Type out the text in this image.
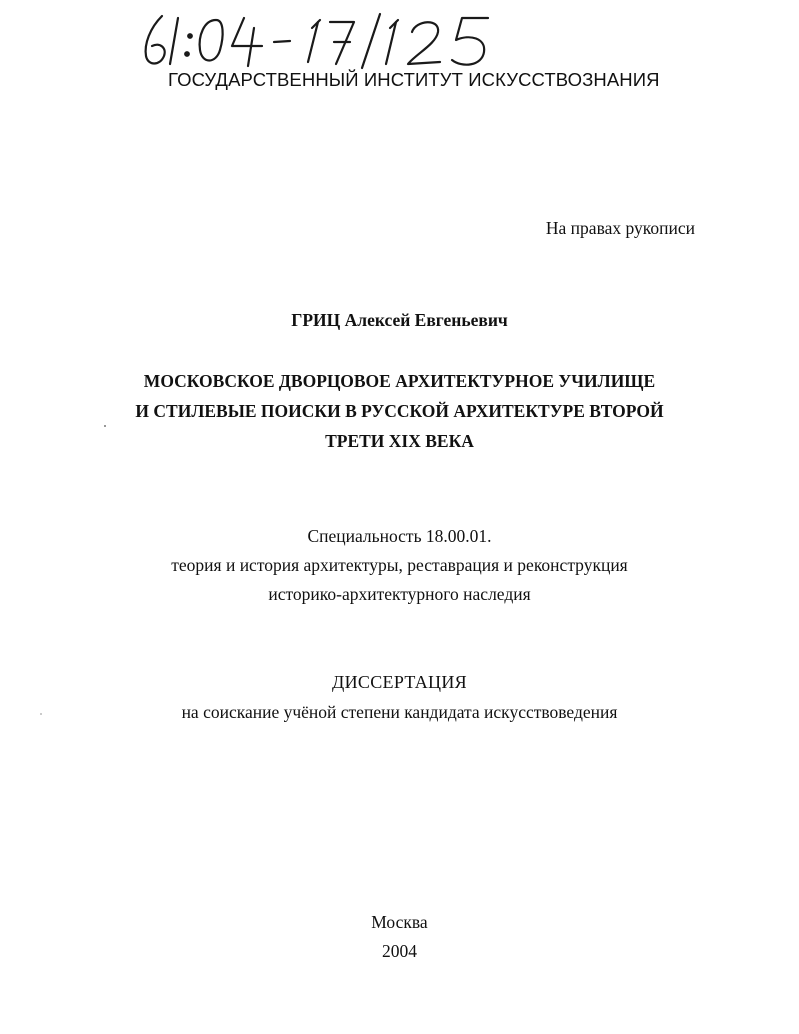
ГОСУДАРСТВЕННЫЙ ИНСТИТУТ ИСКУССТВОЗНАНИЯ
На правах рукописи
ГРИЦ Алексей Евгеньевич
МОСКОВСКОЕ ДВОРЦОВОЕ АРХИТЕКТУРНОЕ УЧИЛИЩЕ
И СТИЛЕВЫЕ ПОИСКИ В РУССКОЙ АРХИТЕКТУРЕ ВТОРОЙ
ТРЕТИ XIX ВЕКА
Специальность 18.00.01.
теория и история архитектуры, реставрация и реконструкция
историко-архитектурного наследия
ДИССЕРТАЦИЯ
на соискание учёной степени кандидата искусствоведения
Москва
2004
